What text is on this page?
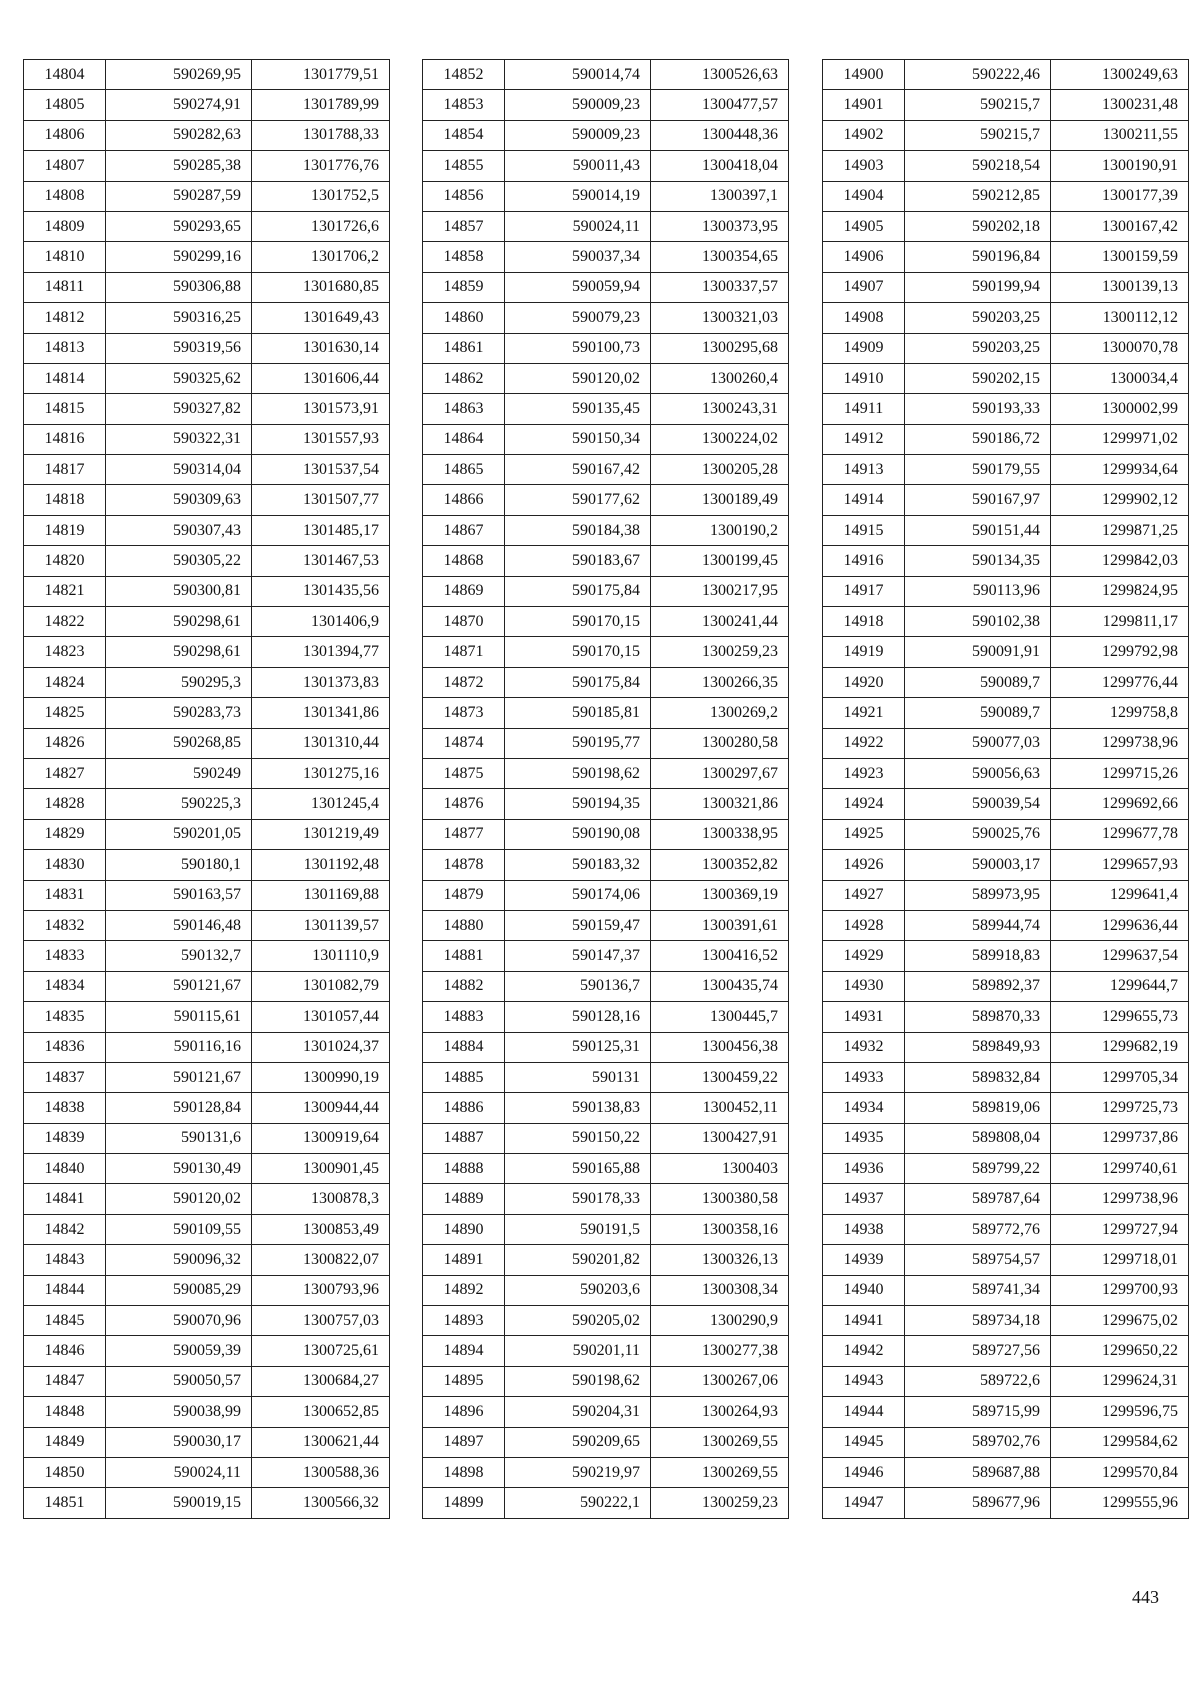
14804	590269,95	1301779,51
14805	590274,91	1301789,99
14806	590282,63	1301788,33
14807	590285,38	1301776,76
14808	590287,59	1301752,5
14809	590293,65	1301726,6
14810	590299,16	1301706,2
14811	590306,88	1301680,85
14812	590316,25	1301649,43
14813	590319,56	1301630,14
14814	590325,62	1301606,44
14815	590327,82	1301573,91
14816	590322,31	1301557,93
14817	590314,04	1301537,54
14818	590309,63	1301507,77
14819	590307,43	1301485,17
14820	590305,22	1301467,53
14821	590300,81	1301435,56
14822	590298,61	1301406,9
14823	590298,61	1301394,77
14824	590295,3	1301373,83
14825	590283,73	1301341,86
14826	590268,85	1301310,44
14827	590249	1301275,16
14828	590225,3	1301245,4
14829	590201,05	1301219,49
14830	590180,1	1301192,48
14831	590163,57	1301169,88
14832	590146,48	1301139,57
14833	590132,7	1301110,9
14834	590121,67	1301082,79
14835	590115,61	1301057,44
14836	590116,16	1301024,37
14837	590121,67	1300990,19
14838	590128,84	1300944,44
14839	590131,6	1300919,64
14840	590130,49	1300901,45
14841	590120,02	1300878,3
14842	590109,55	1300853,49
14843	590096,32	1300822,07
14844	590085,29	1300793,96
14845	590070,96	1300757,03
14846	590059,39	1300725,61
14847	590050,57	1300684,27
14848	590038,99	1300652,85
14849	590030,17	1300621,44
14850	590024,11	1300588,36
14851	590019,15	1300566,32
14852	590014,74	1300526,63
14853	590009,23	1300477,57
14854	590009,23	1300448,36
14855	590011,43	1300418,04
14856	590014,19	1300397,1
14857	590024,11	1300373,95
14858	590037,34	1300354,65
14859	590059,94	1300337,57
14860	590079,23	1300321,03
14861	590100,73	1300295,68
14862	590120,02	1300260,4
14863	590135,45	1300243,31
14864	590150,34	1300224,02
14865	590167,42	1300205,28
14866	590177,62	1300189,49
14867	590184,38	1300190,2
14868	590183,67	1300199,45
14869	590175,84	1300217,95
14870	590170,15	1300241,44
14871	590170,15	1300259,23
14872	590175,84	1300266,35
14873	590185,81	1300269,2
14874	590195,77	1300280,58
14875	590198,62	1300297,67
14876	590194,35	1300321,86
14877	590190,08	1300338,95
14878	590183,32	1300352,82
14879	590174,06	1300369,19
14880	590159,47	1300391,61
14881	590147,37	1300416,52
14882	590136,7	1300435,74
14883	590128,16	1300445,7
14884	590125,31	1300456,38
14885	590131	1300459,22
14886	590138,83	1300452,11
14887	590150,22	1300427,91
14888	590165,88	1300403
14889	590178,33	1300380,58
14890	590191,5	1300358,16
14891	590201,82	1300326,13
14892	590203,6	1300308,34
14893	590205,02	1300290,9
14894	590201,11	1300277,38
14895	590198,62	1300267,06
14896	590204,31	1300264,93
14897	590209,65	1300269,55
14898	590219,97	1300269,55
14899	590222,1	1300259,23
14900	590222,46	1300249,63
14901	590215,7	1300231,48
14902	590215,7	1300211,55
14903	590218,54	1300190,91
14904	590212,85	1300177,39
14905	590202,18	1300167,42
14906	590196,84	1300159,59
14907	590199,94	1300139,13
14908	590203,25	1300112,12
14909	590203,25	1300070,78
14910	590202,15	1300034,4
14911	590193,33	1300002,99
14912	590186,72	1299971,02
14913	590179,55	1299934,64
14914	590167,97	1299902,12
14915	590151,44	1299871,25
14916	590134,35	1299842,03
14917	590113,96	1299824,95
14918	590102,38	1299811,17
14919	590091,91	1299792,98
14920	590089,7	1299776,44
14921	590089,7	1299758,8
14922	590077,03	1299738,96
14923	590056,63	1299715,26
14924	590039,54	1299692,66
14925	590025,76	1299677,78
14926	590003,17	1299657,93
14927	589973,95	1299641,4
14928	589944,74	1299636,44
14929	589918,83	1299637,54
14930	589892,37	1299644,7
14931	589870,33	1299655,73
14932	589849,93	1299682,19
14933	589832,84	1299705,34
14934	589819,06	1299725,73
14935	589808,04	1299737,86
14936	589799,22	1299740,61
14937	589787,64	1299738,96
14938	589772,76	1299727,94
14939	589754,57	1299718,01
14940	589741,34	1299700,93
14941	589734,18	1299675,02
14942	589727,56	1299650,22
14943	589722,6	1299624,31
14944	589715,99	1299596,75
14945	589702,76	1299584,62
14946	589687,88	1299570,84
14947	589677,96	1299555,96
443
